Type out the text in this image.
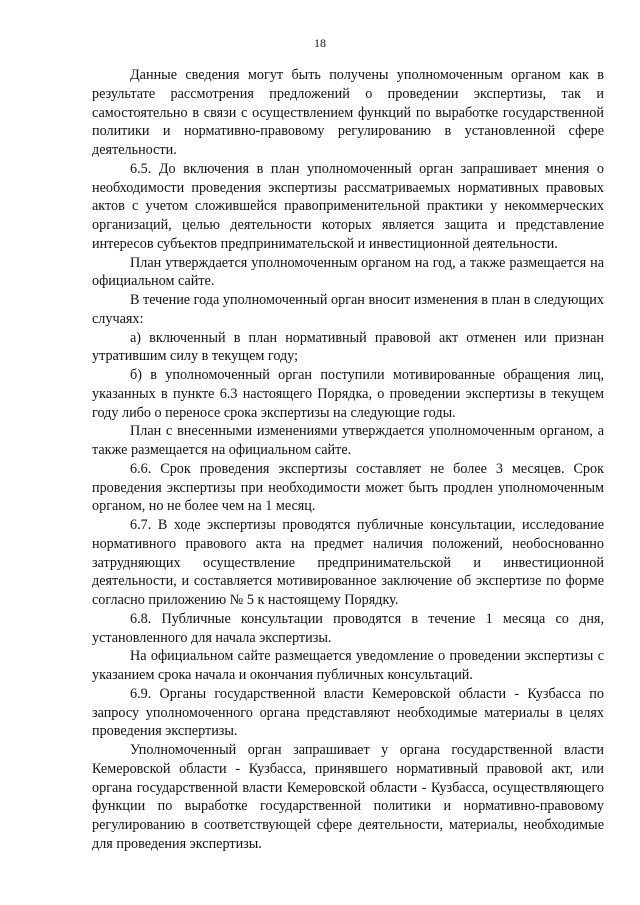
18

Данные сведения могут быть получены уполномоченным органом как в результате рассмотрения предложений о проведении экспертизы, так и самостоятельно в связи с осуществлением функций по выработке государственной политики и нормативно-правовому регулированию в установленной сфере деятельности.

6.5. До включения в план уполномоченный орган запрашивает мнения о необходимости проведения экспертизы рассматриваемых нормативных правовых актов с учетом сложившейся правоприменительной практики у некоммерческих организаций, целью деятельности которых является защита и представление интересов субъектов предпринимательской и инвестиционной деятельности.

План утверждается уполномоченным органом на год, а также размещается на официальном сайте.

В течение года уполномоченный орган вносит изменения в план в следующих случаях:

а) включенный в план нормативный правовой акт отменен или признан утратившим силу в текущем году;

б) в уполномоченный орган поступили мотивированные обращения лиц, указанных в пункте 6.3 настоящего Порядка, о проведении экспертизы в текущем году либо о переносе срока экспертизы на следующие годы.

План с внесенными изменениями утверждается уполномоченным органом, а также размещается на официальном сайте.

6.6. Срок проведения экспертизы составляет не более 3 месяцев. Срок проведения экспертизы при необходимости может быть продлен уполномоченным органом, но не более чем на 1 месяц.

6.7. В ходе экспертизы проводятся публичные консультации, исследование нормативного правового акта на предмет наличия положений, необоснованно затрудняющих осуществление предпринимательской и инвестиционной деятельности, и составляется мотивированное заключение об экспертизе по форме согласно приложению № 5 к настоящему Порядку.

6.8. Публичные консультации проводятся в течение 1 месяца со дня, установленного для начала экспертизы.

На официальном сайте размещается уведомление о проведении экспертизы с указанием срока начала и окончания публичных консультаций.

6.9. Органы государственной власти Кемеровской области - Кузбасса по запросу уполномоченного органа представляют необходимые материалы в целях проведения экспертизы.

Уполномоченный орган запрашивает у органа государственной власти Кемеровской области - Кузбасса, принявшего нормативный правовой акт, или органа государственной власти Кемеровской области - Кузбасса, осуществляющего функции по выработке государственной политики и нормативно-правовому регулированию в соответствующей сфере деятельности, материалы, необходимые для проведения экспертизы.
